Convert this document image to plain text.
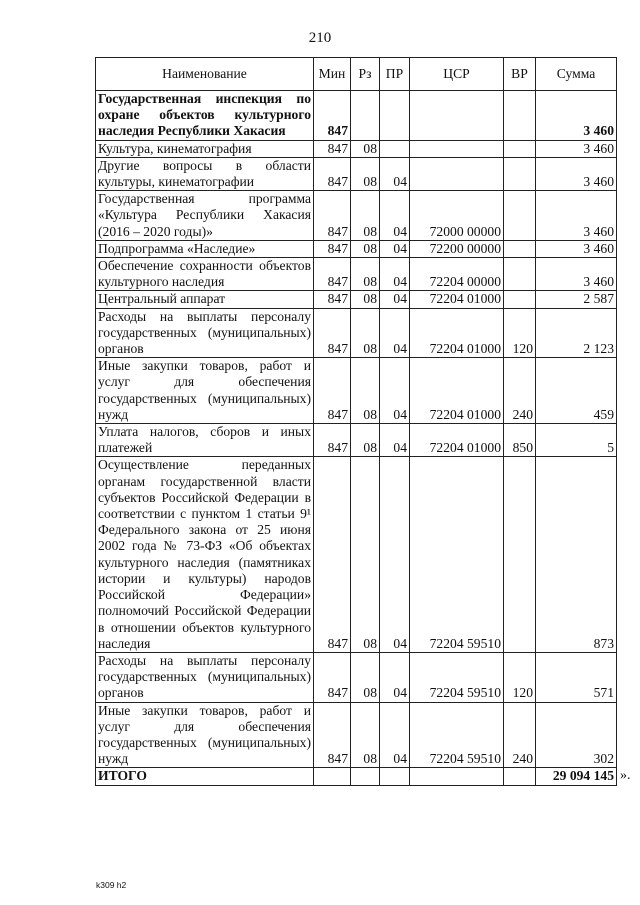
210
Наименование	Мин	Рз	ПР	ЦСР	ВР	Сумма
Государственная инспекция по охране объектов культурного наследия Республики Хакасия	847					3 460
Культура, кинематография	847	08				3 460
Другие вопросы в области культуры, кинематографии	847	08	04			3 460
Государственная программа «Культура Республики Хакасия (2016 – 2020 годы)»	847	08	04	72000 00000		3 460
Подпрограмма «Наследие»	847	08	04	72200 00000		3 460
Обеспечение сохранности объектов культурного наследия	847	08	04	72204 00000		3 460
Центральный аппарат	847	08	04	72204 01000		2 587
Расходы на выплаты персоналу государственных (муниципальных) органов	847	08	04	72204 01000	120	2 123
Иные закупки товаров, работ и услуг для обеспечения государственных (муниципальных) нужд	847	08	04	72204 01000	240	459
Уплата налогов, сборов и иных платежей	847	08	04	72204 01000	850	5
Осуществление переданных органам государственной власти субъектов Российской Федерации в соответствии с пунктом 1 статьи 9¹ Федерального закона от 25 июня 2002 года № 73-ФЗ «Об объектах культурного наследия (памятниках истории и культуры) народов Российской Федерации» полномочий Российской Федерации в отношении объектов культурного наследия	847	08	04	72204 59510		873
Расходы на выплаты персоналу государственных (муниципальных) органов	847	08	04	72204 59510	120	571
Иные закупки товаров, работ и услуг для обеспечения государственных (муниципальных) нужд	847	08	04	72204 59510	240	302
ИТОГО						29 094 145 ».
k309 h2
